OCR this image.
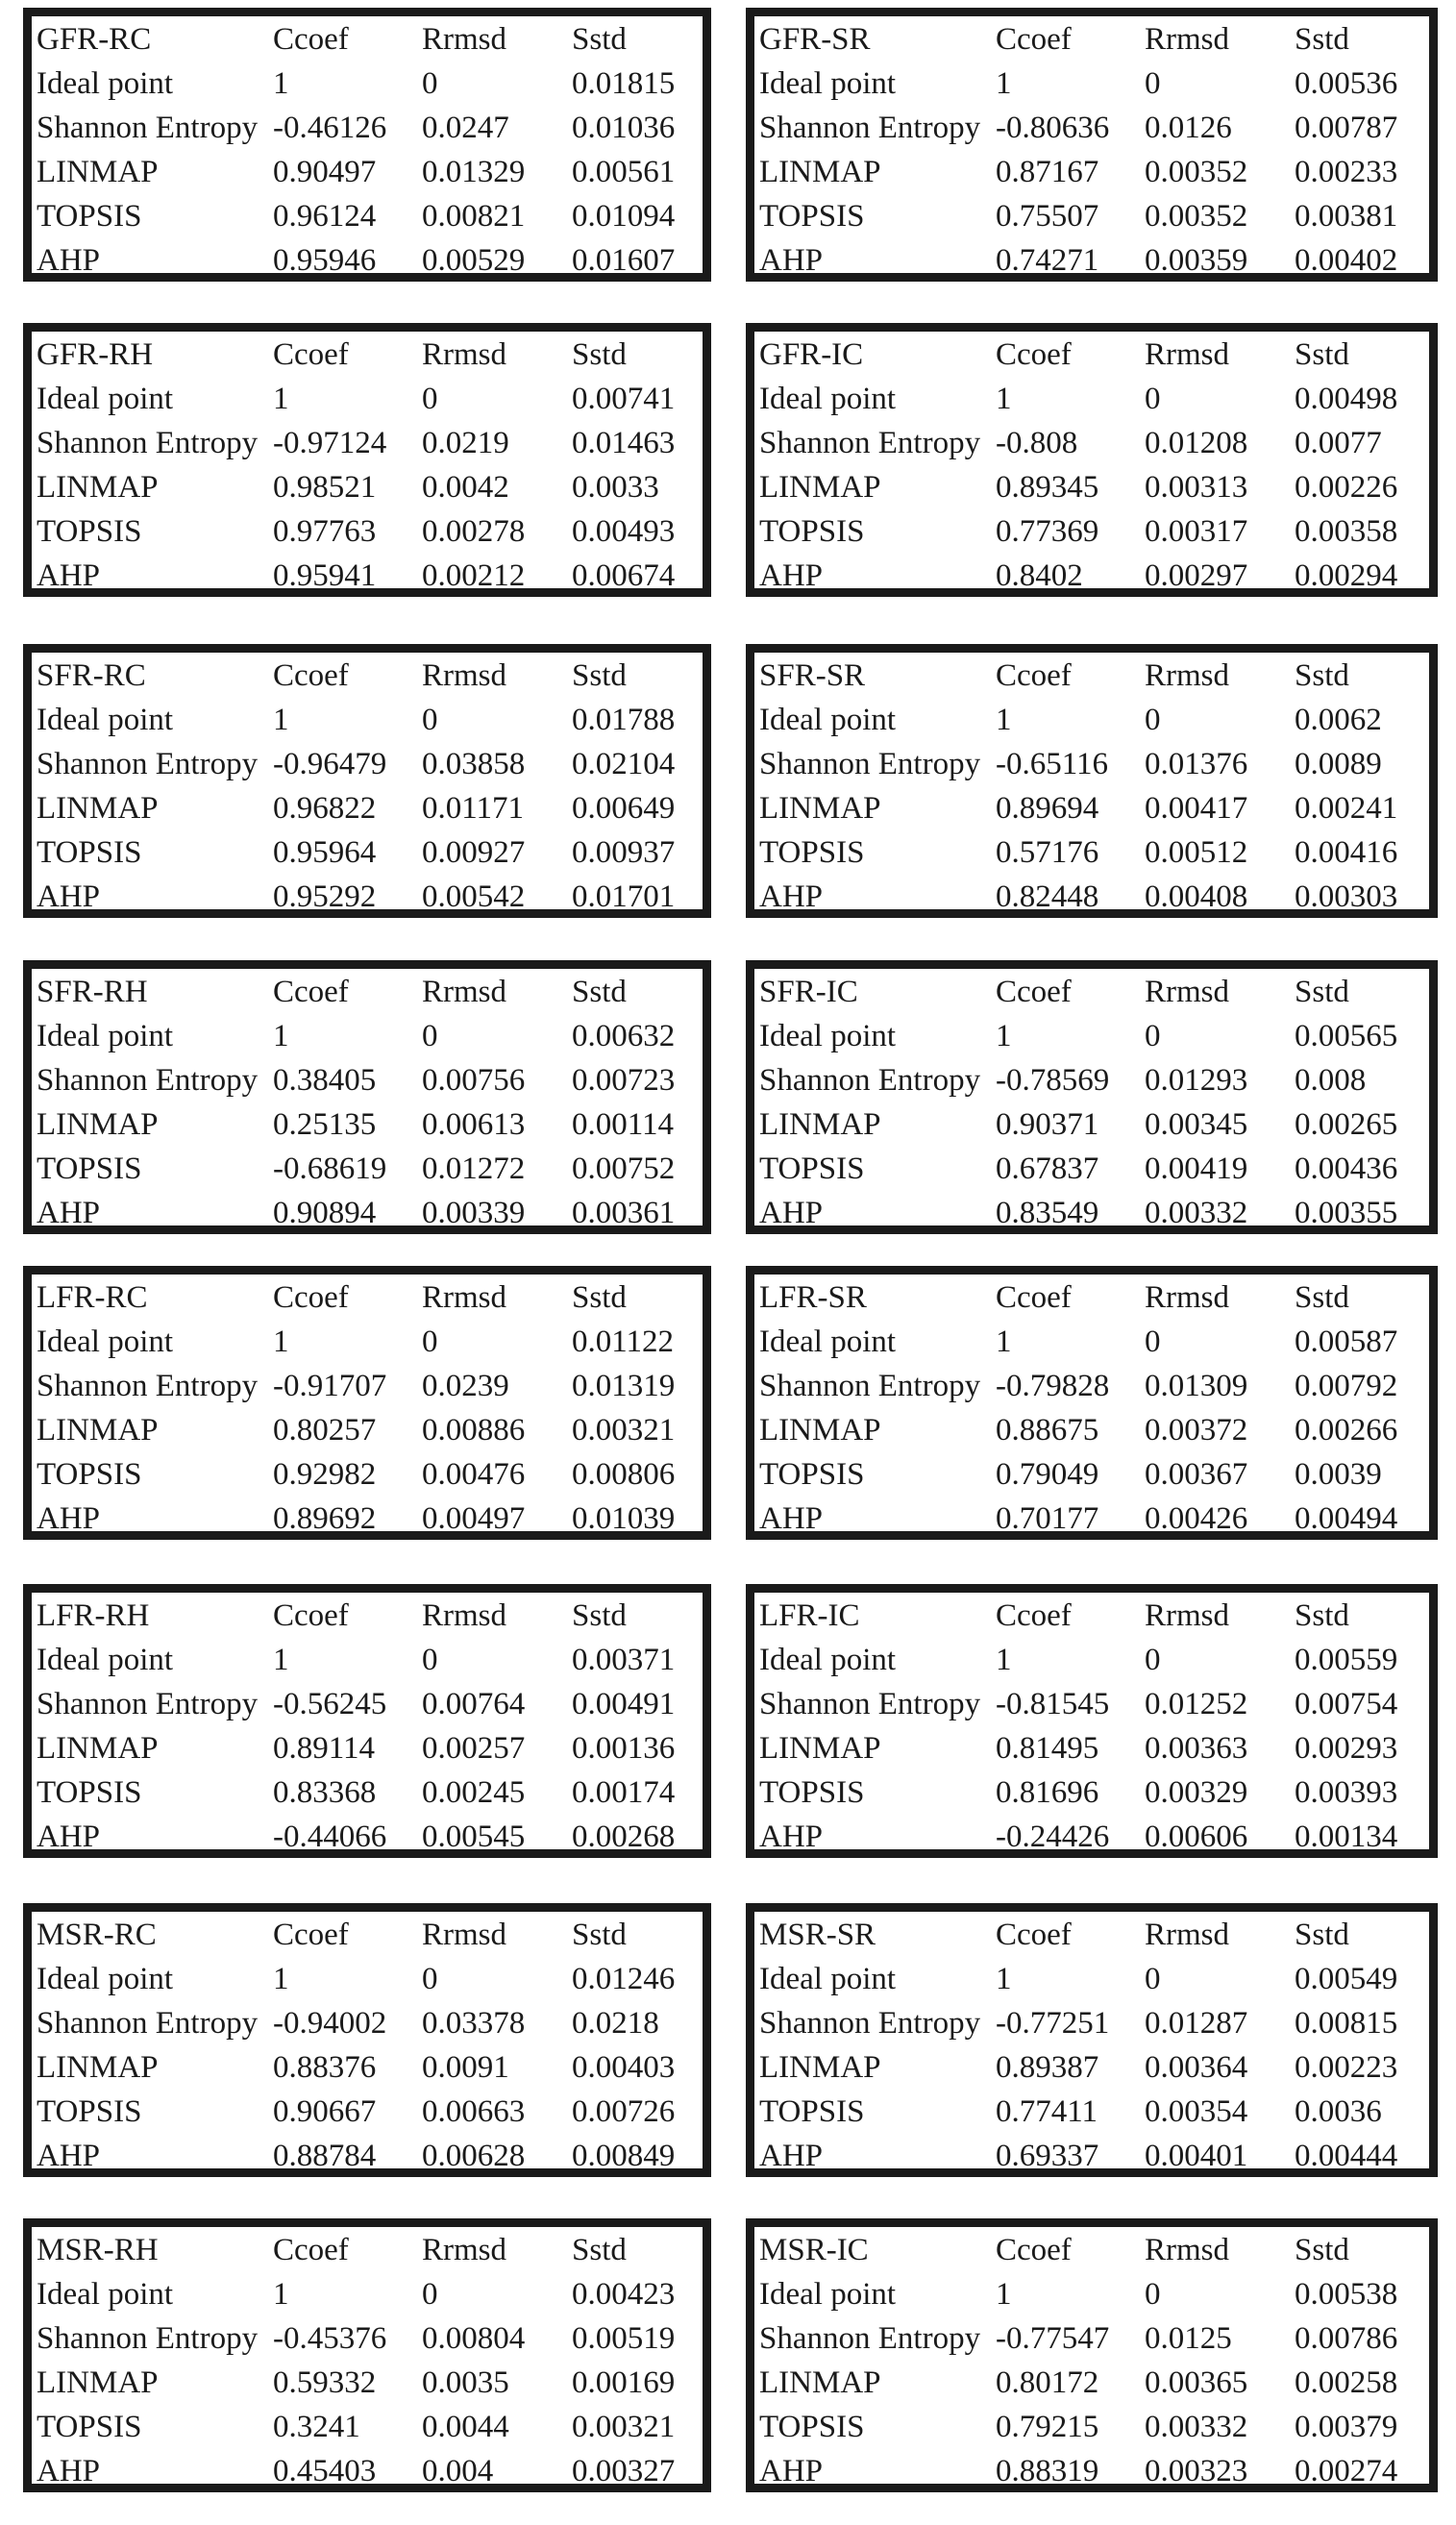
GFR-RC	Ccoef Rrmsd Sstd
Ideal point	1	0	0.01815
Shannon Entropy -0.46126 0.0247 0.01036
LINMAP	0.90497 0.01329 0.00561
TOPSIS	0.96124 0.00821 0.01094
AHP	0.95946 0.00529 0.01607
GFR-SR	Ccoef Rrmsd Sstd
Ideal point	1	0	0.00536
Shannon Entropy -0.80636 0.0126 0.00787
LINMAP	0.87167 0.00352 0.00233
TOPSIS	0.75507 0.00352 0.00381
AHP	0.74271 0.00359 0.00402
GFR-RH	Ccoef Rrmsd Sstd
Ideal point	1	0	0.00741
Shannon Entropy -0.97124 0.0219 0.01463
LINMAP	0.98521 0.0042 0.0033
TOPSIS	0.97763 0.00278 0.00493
AHP	0.95941 0.00212 0.00674
GFR-IC	Ccoef Rrmsd Sstd
Ideal point	1	0	0.00498
Shannon Entropy -0.808 0.01208 0.0077
LINMAP	0.89345 0.00313 0.00226
TOPSIS	0.77369 0.00317 0.00358
AHP	0.8402 0.00297 0.00294
SFR-RC	Ccoef Rrmsd Sstd
Ideal point	1	0	0.01788
Shannon Entropy -0.96479 0.03858 0.02104
LINMAP	0.96822 0.01171 0.00649
TOPSIS	0.95964 0.00927 0.00937
AHP	0.95292 0.00542 0.01701
SFR-SR	Ccoef Rrmsd Sstd
Ideal point	1	0	0.0062
Shannon Entropy -0.65116 0.01376 0.0089
LINMAP	0.89694 0.00417 0.00241
TOPSIS	0.57176 0.00512 0.00416
AHP	0.82448 0.00408 0.00303
SFR-RH	Ccoef Rrmsd Sstd
Ideal point	1	0	0.00632
Shannon Entropy 0.38405 0.00756 0.00723
LINMAP	0.25135 0.00613 0.00114
TOPSIS	-0.68619 0.01272 0.00752
AHP	0.90894 0.00339 0.00361
SFR-IC	Ccoef Rrmsd Sstd
Ideal point	1	0	0.00565
Shannon Entropy -0.78569 0.01293 0.008
LINMAP	0.90371 0.00345 0.00265
TOPSIS	0.67837 0.00419 0.00436
AHP	0.83549 0.00332 0.00355
LFR-RC	Ccoef Rrmsd Sstd
Ideal point	1	0	0.01122
Shannon Entropy -0.91707 0.0239 0.01319
LINMAP	0.80257 0.00886 0.00321
TOPSIS	0.92982 0.00476 0.00806
AHP	0.89692 0.00497 0.01039
LFR-SR	Ccoef Rrmsd Sstd
Ideal point	1	0	0.00587
Shannon Entropy -0.79828 0.01309 0.00792
LINMAP	0.88675 0.00372 0.00266
TOPSIS	0.79049 0.00367 0.0039
AHP	0.70177 0.00426 0.00494
LFR-RH	Ccoef Rrmsd Sstd
Ideal point	1	0	0.00371
Shannon Entropy -0.56245 0.00764 0.00491
LINMAP	0.89114 0.00257 0.00136
TOPSIS	0.83368 0.00245 0.00174
AHP	-0.44066 0.00545 0.00268
LFR-IC	Ccoef Rrmsd Sstd
Ideal point	1	0	0.00559
Shannon Entropy -0.81545 0.01252 0.00754
LINMAP	0.81495 0.00363 0.00293
TOPSIS	0.81696 0.00329 0.00393
AHP	-0.24426 0.00606 0.00134
MSR-RC	Ccoef Rrmsd Sstd
Ideal point	1	0	0.01246
Shannon Entropy -0.94002 0.03378 0.0218
LINMAP	0.88376 0.0091 0.00403
TOPSIS	0.90667 0.00663 0.00726
AHP	0.88784 0.00628 0.00849
MSR-SR	Ccoef Rrmsd Sstd
Ideal point	1	0	0.00549
Shannon Entropy -0.77251 0.01287 0.00815
LINMAP	0.89387 0.00364 0.00223
TOPSIS	0.77411 0.00354 0.0036
AHP	0.69337 0.00401 0.00444
MSR-RH	Ccoef Rrmsd Sstd
Ideal point	1	0	0.00423
Shannon Entropy -0.45376 0.00804 0.00519
LINMAP	0.59332 0.0035 0.00169
TOPSIS	0.3241 0.0044 0.00321
AHP	0.45403 0.004 0.00327
MSR-IC	Ccoef Rrmsd Sstd
Ideal point	1	0	0.00538
Shannon Entropy -0.77547 0.0125 0.00786
LINMAP	0.80172 0.00365 0.00258
TOPSIS	0.79215 0.00332 0.00379
AHP	0.88319 0.00323 0.00274
